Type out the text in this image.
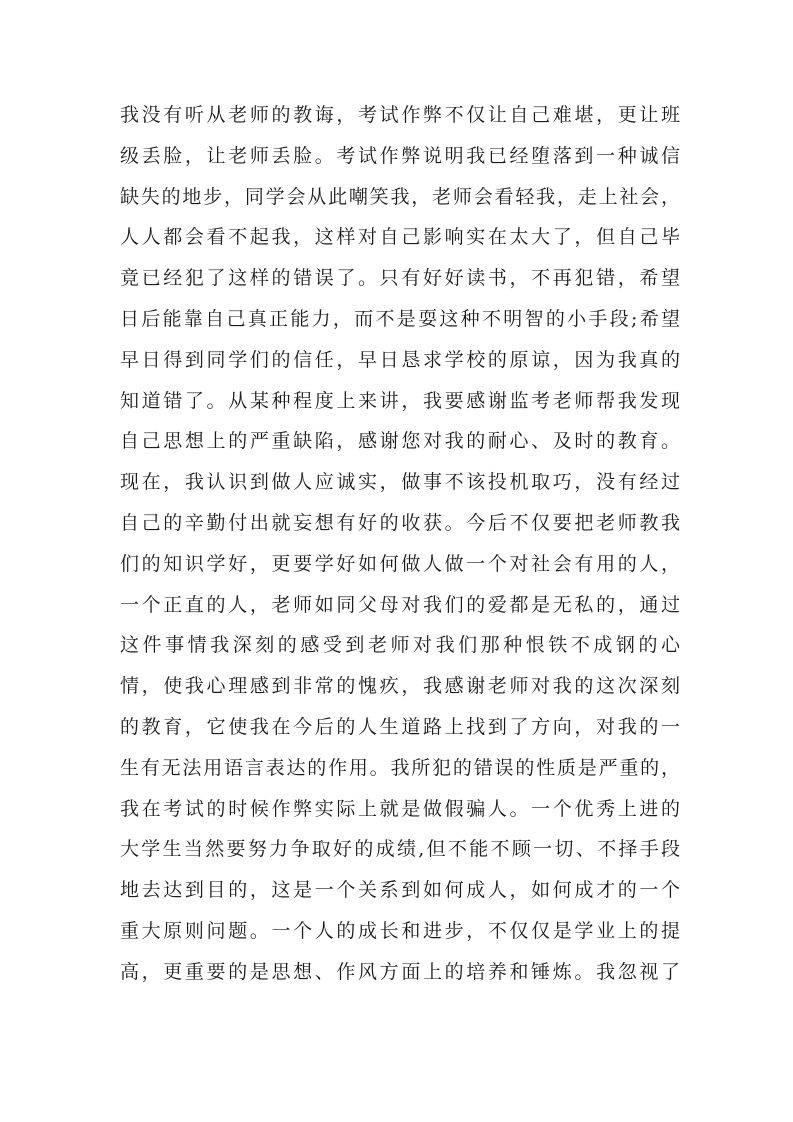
我没有听从老师的教诲，考试作弊不仅让自己难堪，更让班
级丢脸，让老师丢脸。考试作弊说明我已经堕落到一种诚信
缺失的地步，同学会从此嘲笑我，老师会看轻我，走上社会，
人人都会看不起我，这样对自己影响实在太大了，但自己毕
竟已经犯了这样的错误了。只有好好读书，不再犯错，希望
日后能靠自己真正能力，而不是耍这种不明智的小手段;希望
早日得到同学们的信任，早日恳求学校的原谅，因为我真的
知道错了。从某种程度上来讲，我要感谢监考老师帮我发现
自己思想上的严重缺陷，感谢您对我的耐心、及时的教育。
现在，我认识到做人应诚实，做事不该投机取巧，没有经过
自己的辛勤付出就妄想有好的收获。今后不仅要把老师教我
们的知识学好，更要学好如何做人做一个对社会有用的人，
一个正直的人，老师如同父母对我们的爱都是无私的，通过
这件事情我深刻的感受到老师对我们那种恨铁不成钢的心
情，使我心理感到非常的愧疚，我感谢老师对我的这次深刻
的教育，它使我在今后的人生道路上找到了方向，对我的一
生有无法用语言表达的作用。我所犯的错误的性质是严重的，
我在考试的时候作弊实际上就是做假骗人。一个优秀上进的
大学生当然要努力争取好的成绩,但不能不顾一切、不择手段
地去达到目的，这是一个关系到如何成人，如何成才的一个
重大原则问题。一个人的成长和进步，不仅仅是学业上的提
高，更重要的是思想、作风方面上的培养和锤炼。我忽视了
